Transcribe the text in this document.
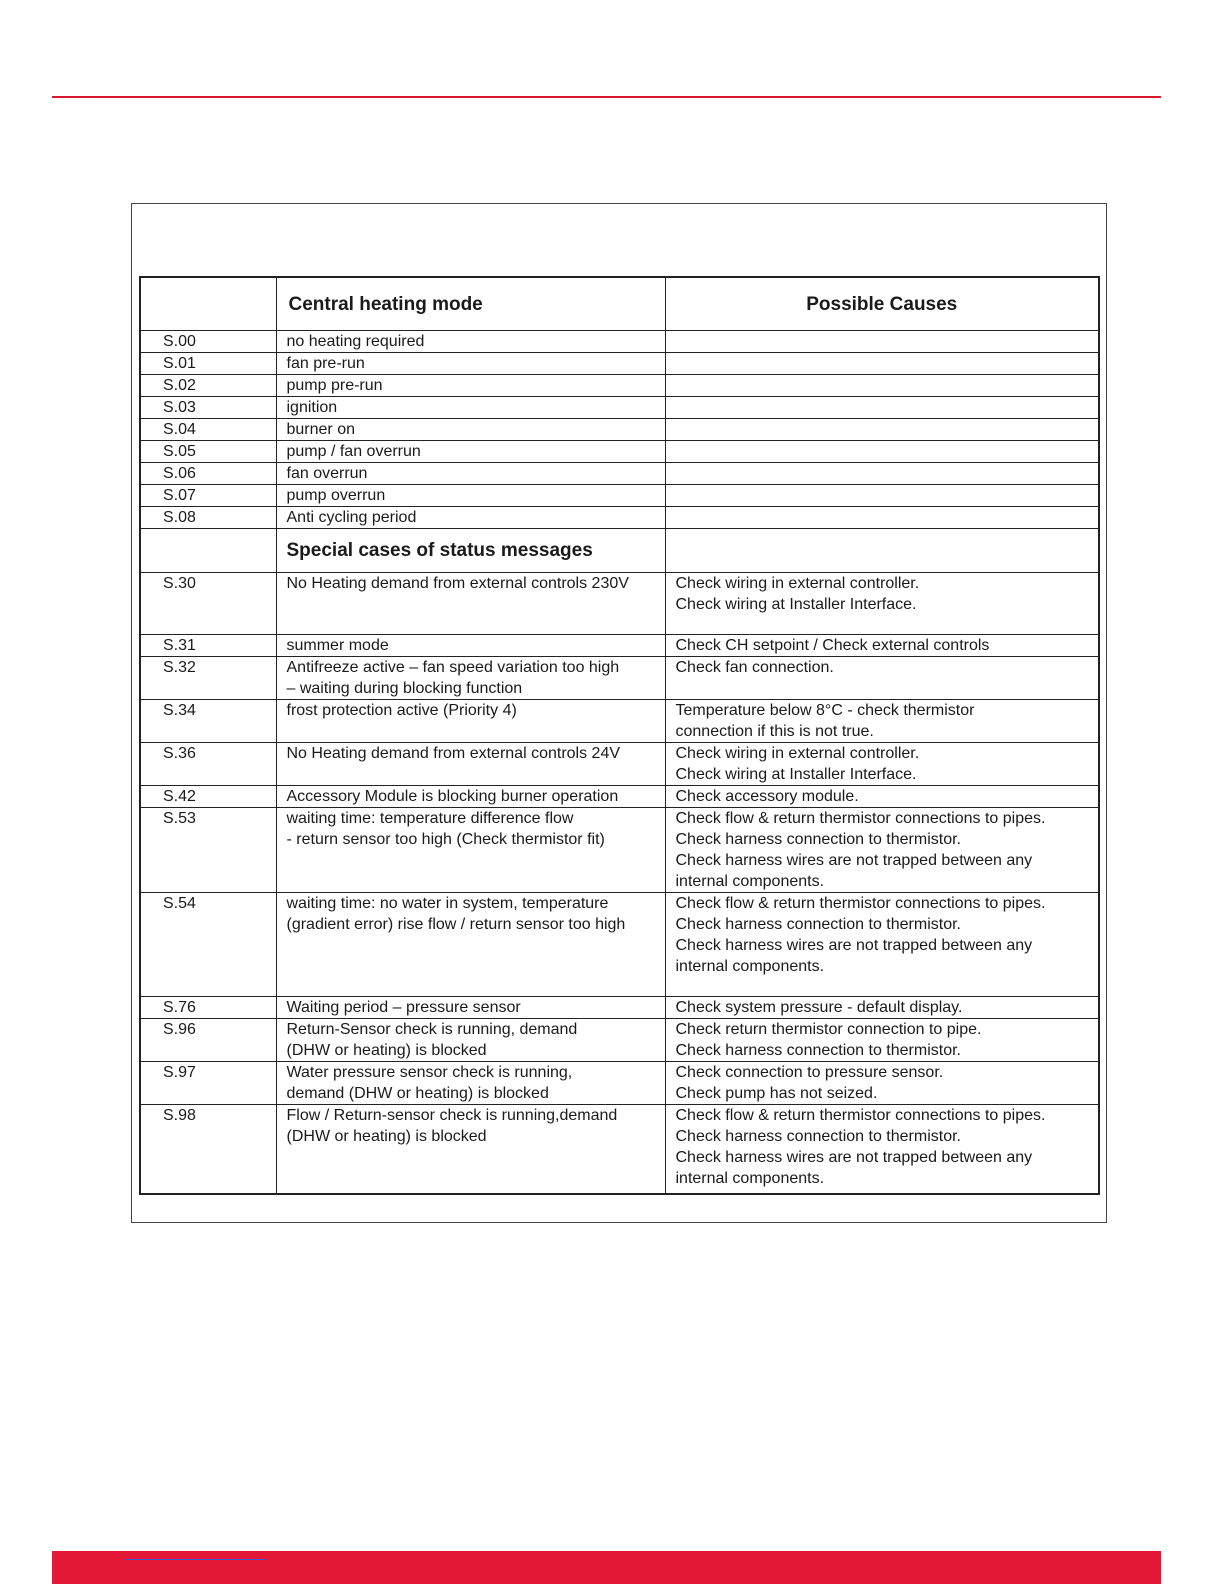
	Central heating mode	Possible Causes
S.00	no heating required	
S.01	fan pre-run	
S.02	pump pre-run	
S.03	ignition	
S.04	burner on	
S.05	pump / fan overrun	
S.06	fan overrun	
S.07	pump overrun	
S.08	Anti cycling period	
	Special cases of status messages	
S.30	No Heating demand from external controls 230V	Check wiring in external controller.
Check wiring at Installer Interface.

S.31	summer mode	Check CH setpoint / Check external controls

S.32	Antifreeze active – fan speed variation too high
– waiting during blocking function	Check fan connection.

S.34	frost protection active (Priority 4)	Temperature below 8°C - check thermistor
connection if this is not true.

S.36	No Heating demand from external controls 24V	Check wiring in external controller.
Check wiring at Installer Interface.

S.42	Accessory Module is blocking burner operation	Check accessory module.

S.53	waiting time: temperature difference flow
- return sensor too high (Check thermistor fit)	Check flow & return thermistor connections to pipes.
Check harness connection to thermistor.
Check harness wires are not trapped between any
internal components.

S.54	waiting time: no water in system, temperature
(gradient error) rise flow / return sensor too high	Check flow & return thermistor connections to pipes.
Check harness connection to thermistor.
Check harness wires are not trapped between any
internal components.

S.76	Waiting period – pressure sensor	Check system pressure - default display.

S.96	Return-Sensor check is running, demand
(DHW or heating) is blocked	Check return thermistor connection to pipe.
Check harness connection to thermistor.

S.97	Water pressure sensor check is running,
demand (DHW or heating) is blocked	Check connection to pressure sensor.
Check pump has not seized.

S.98	Flow / Return-sensor check is running,demand
(DHW or heating) is blocked	Check flow & return thermistor connections to pipes.
Check harness connection to thermistor.
Check harness wires are not trapped between any
internal components.
